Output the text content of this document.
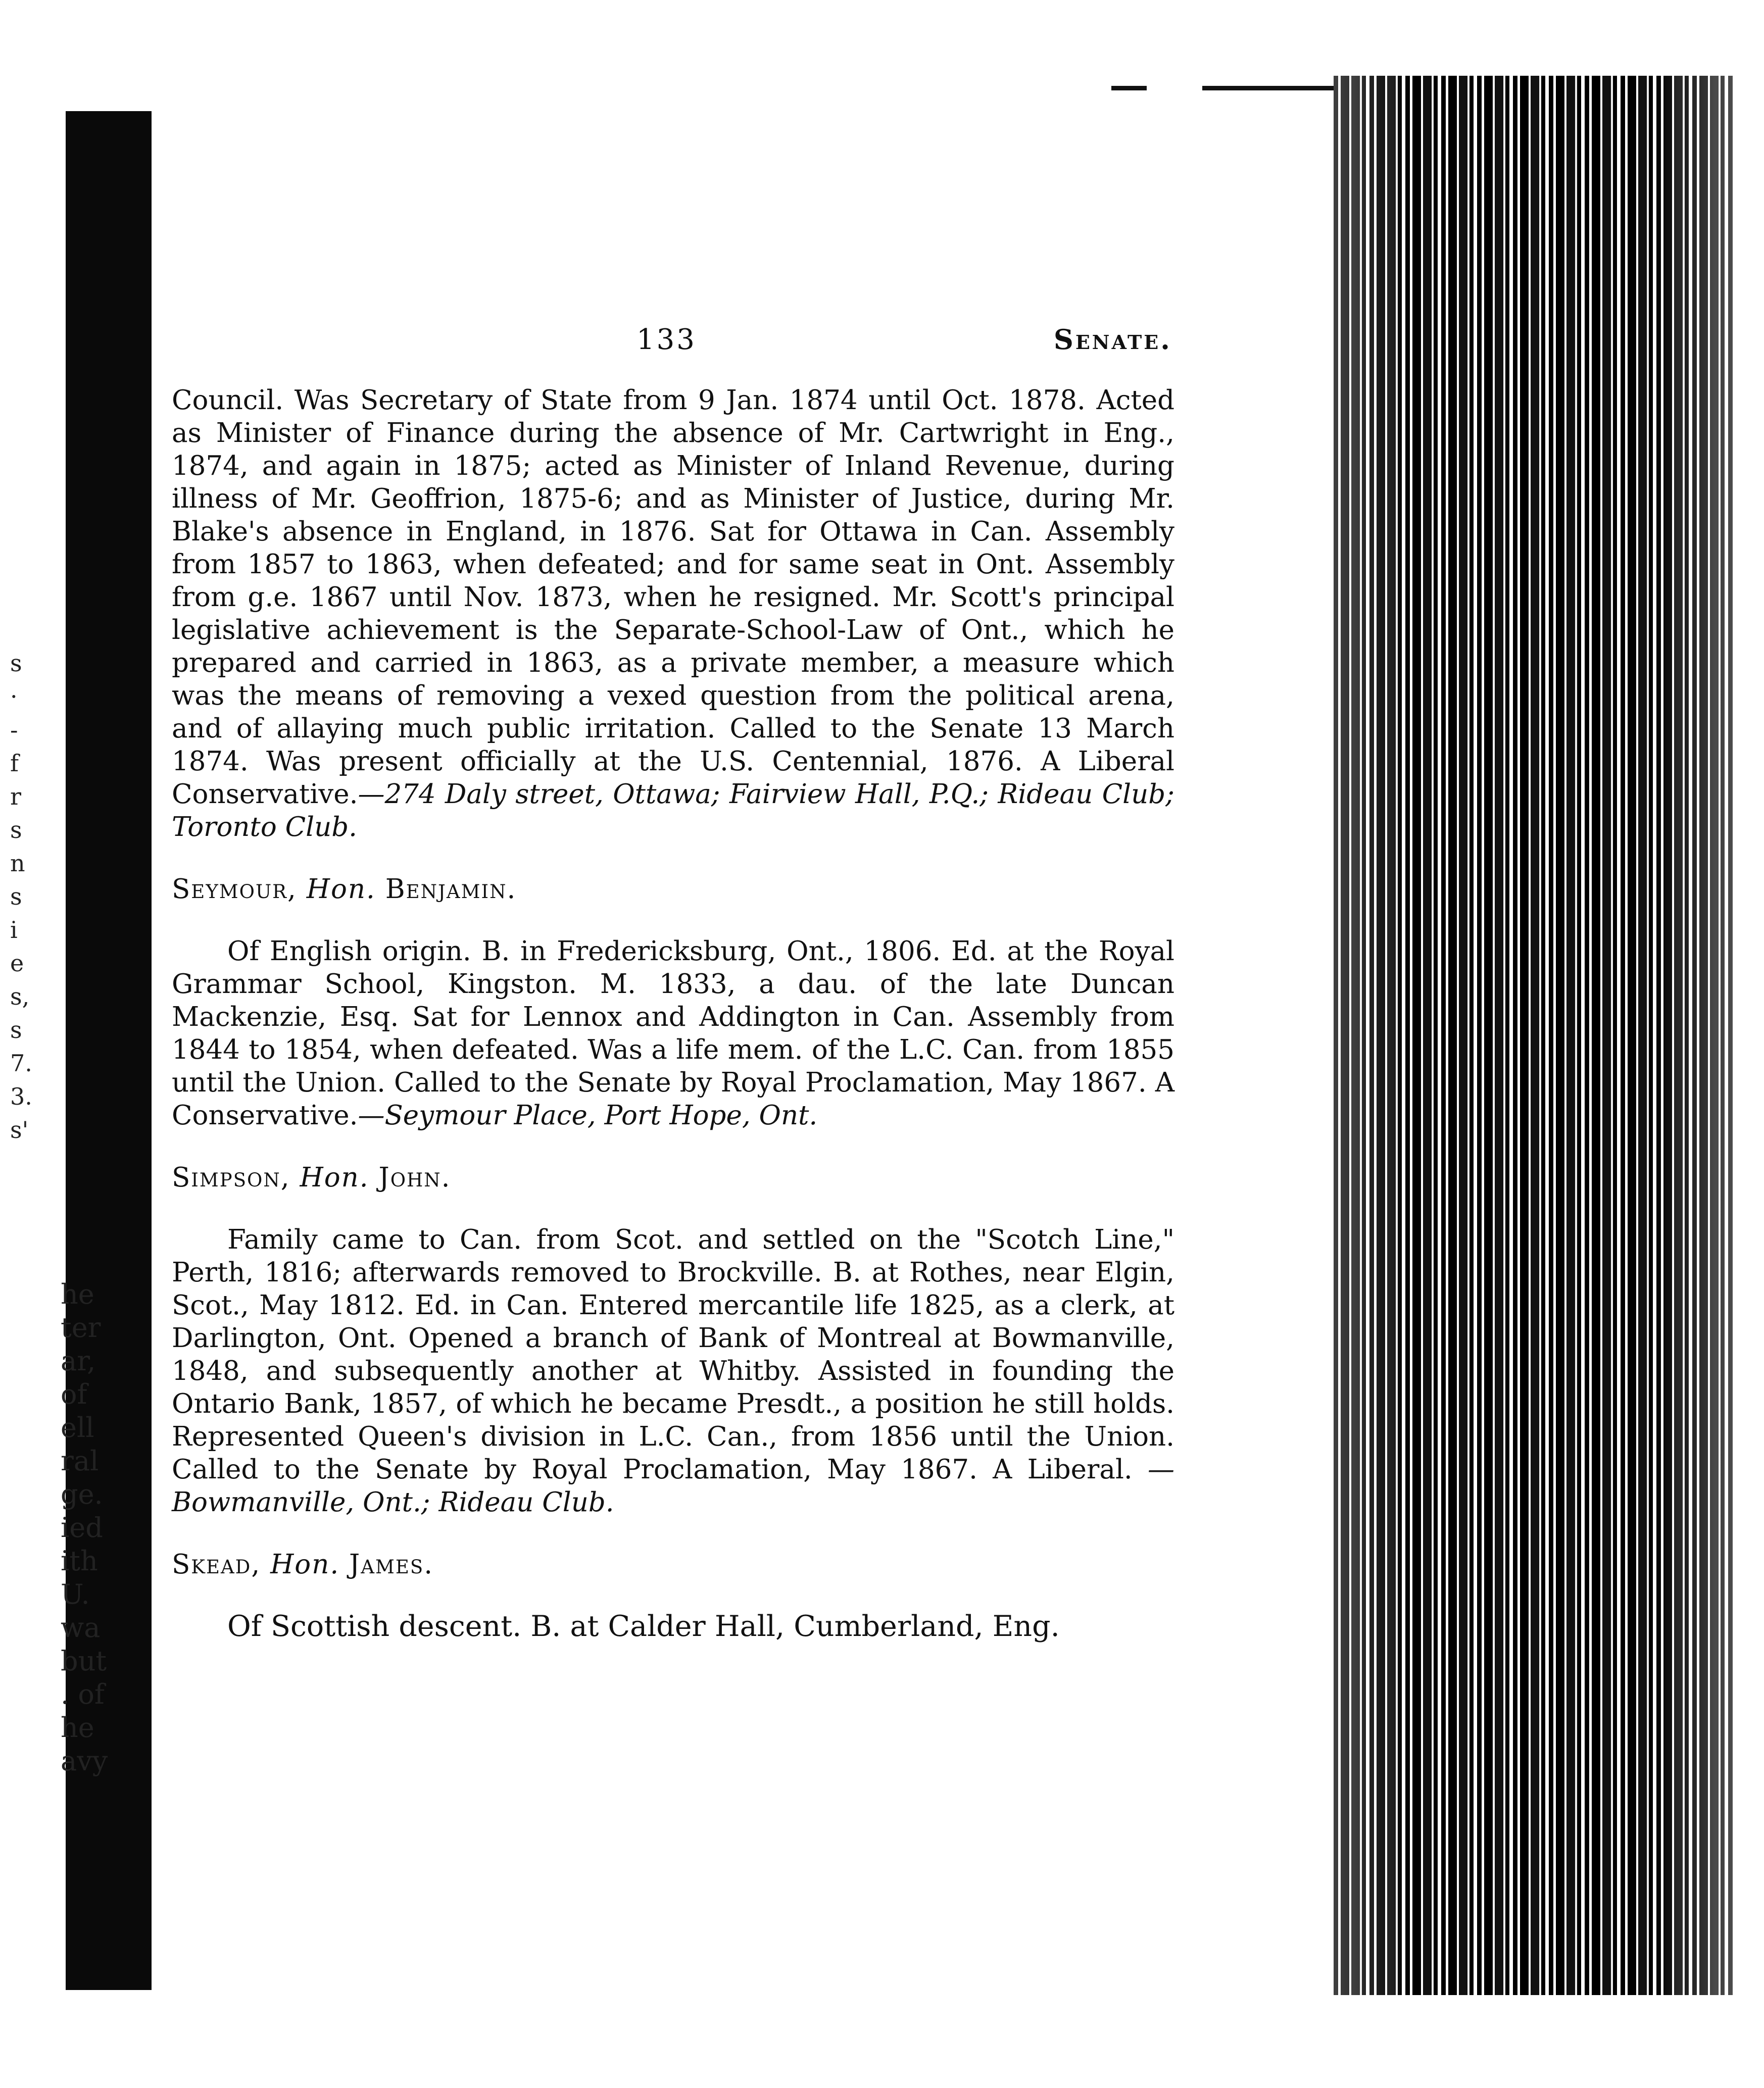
s
·
-
f
r
s
n
s
i
e
s,
s
7.
3.
s'
he
ter
ar,
of
ell
ral
ge.
ied
ith
U.
wa
but
. of
he
avy
133	Senate.

Council. Was Secretary of State from 9 Jan. 1874 until Oct. 1878. Acted as Minister of Finance during the absence of Mr. Cartwright in Eng., 1874, and again in 1875; acted as Minister of Inland Revenue, during illness of Mr. Geoffrion, 1875-6; and as Minister of Justice, during Mr. Blake's absence in England, in 1876. Sat for Ottawa in Can. Assembly from 1857 to 1863, when defeated; and for same seat in Ont. Assembly from g.e. 1867 until Nov. 1873, when he resigned. Mr. Scott's principal legislative achievement is the Separate-School-Law of Ont., which he prepared and carried in 1863, as a private member, a measure which was the means of removing a vexed question from the political arena, and of allaying much public irritation. Called to the Senate 13 March 1874. Was present officially at the U.S. Centennial, 1876. A Liberal Conservative.—274 Daly street, Ottawa; Fairview Hall, P.Q.; Rideau Club; Toronto Club.

Seymour, Hon. Benjamin.

Of English origin. B. in Fredericksburg, Ont., 1806. Ed. at the Royal Grammar School, Kingston. M. 1833, a dau. of the late Duncan Mackenzie, Esq. Sat for Lennox and Addington in Can. Assembly from 1844 to 1854, when defeated. Was a life mem. of the L.C. Can. from 1855 until the Union. Called to the Senate by Royal Proclamation, May 1867. A Conservative.—Seymour Place, Port Hope, Ont.

Simpson, Hon. John.

Family came to Can. from Scot. and settled on the "Scotch Line," Perth, 1816; afterwards removed to Brockville. B. at Rothes, near Elgin, Scot., May 1812. Ed. in Can. Entered mercantile life 1825, as a clerk, at Darlington, Ont. Opened a branch of Bank of Montreal at Bowmanville, 1848, and subsequently another at Whitby. Assisted in founding the Ontario Bank, 1857, of which he became Presdt., a position he still holds. Represented Queen's division in L.C. Can., from 1856 until the Union. Called to the Senate by Royal Proclamation, May 1867. A Liberal. — Bowmanville, Ont.; Rideau Club.

Skead, Hon. James.

Of Scottish descent. B. at Calder Hall, Cumberland, Eng.
